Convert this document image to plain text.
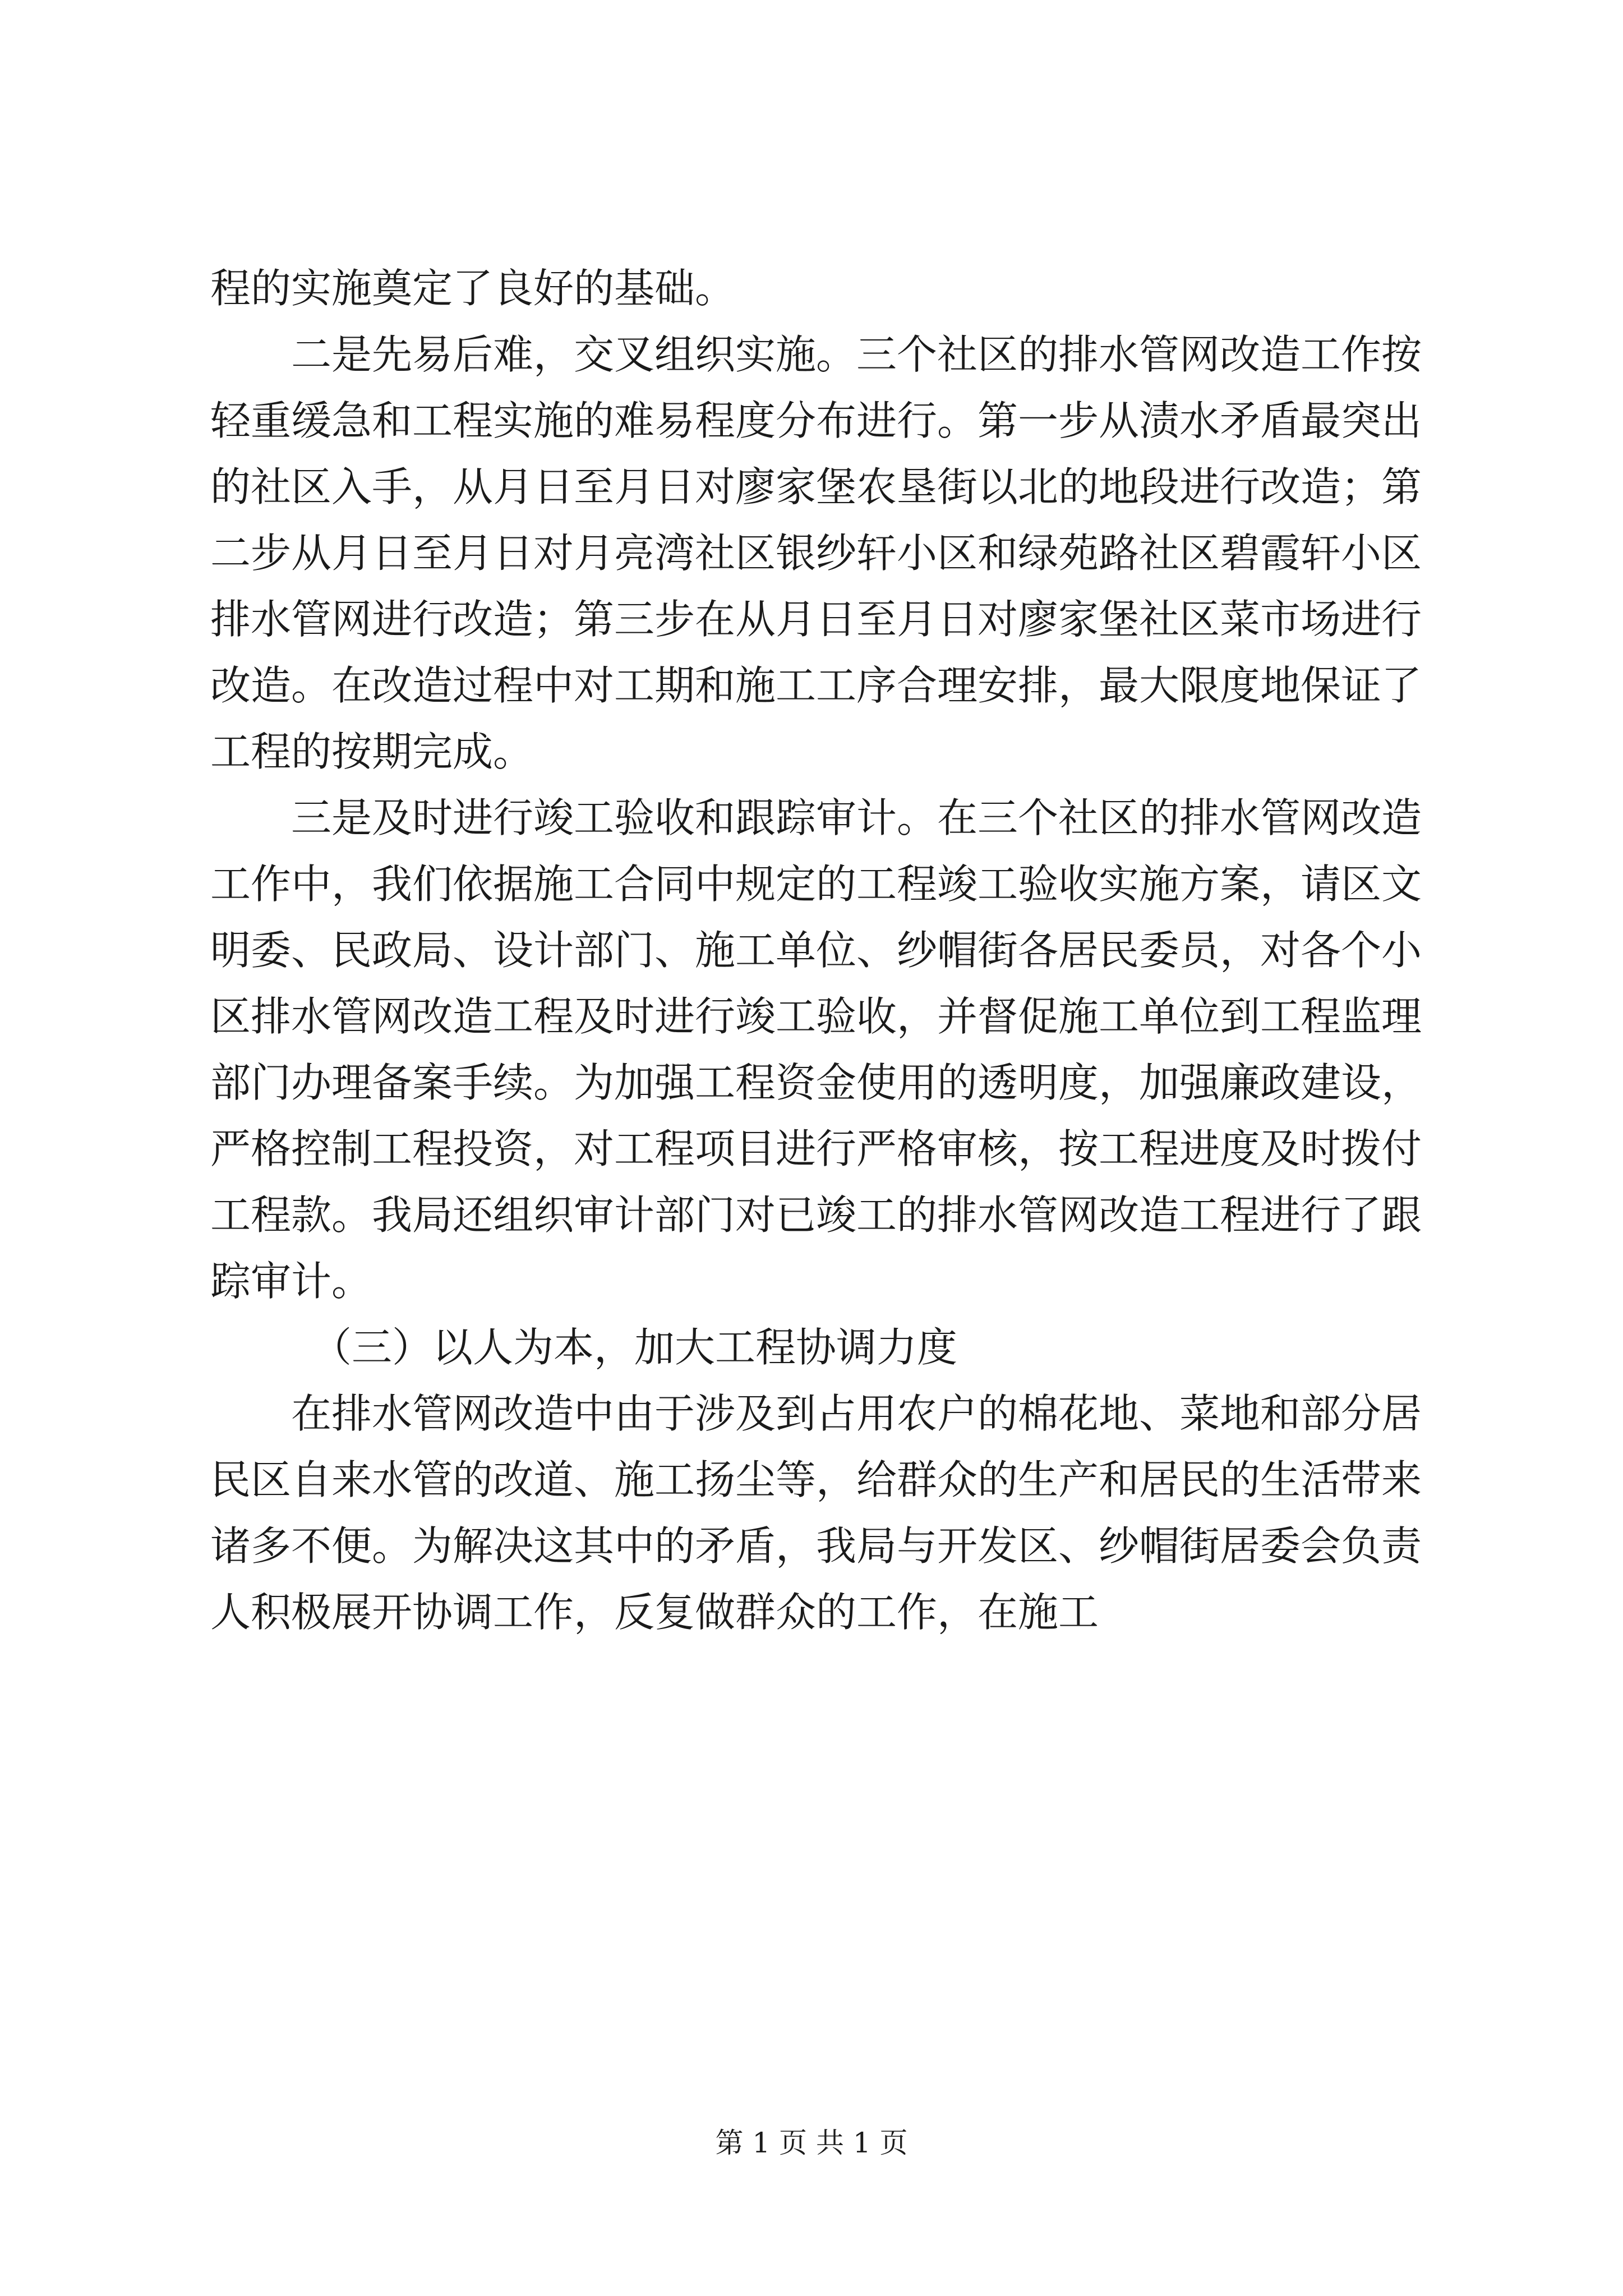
程的实施奠定了良好的基础。

二是先易后难，交叉组织实施。三个社区的排水管网改造工作按轻重缓急和工程实施的难易程度分布进行。第一步从渍水矛盾最突出的社区入手，从月日至月日对廖家堡农垦街以北的地段进行改造；第二步从月日至月日对月亮湾社区银纱轩小区和绿苑路社区碧霞轩小区排水管网进行改造；第三步在从月日至月日对廖家堡社区菜市场进行改造。在改造过程中对工期和施工工序合理安排，最大限度地保证了工程的按期完成。

三是及时进行竣工验收和跟踪审计。在三个社区的排水管网改造工作中，我们依据施工合同中规定的工程竣工验收实施方案，请区文明委、民政局、设计部门、施工单位、纱帽街各居民委员，对各个小区排水管网改造工程及时进行竣工验收，并督促施工单位到工程监理部门办理备案手续。为加强工程资金使用的透明度，加强廉政建设，严格控制工程投资，对工程项目进行严格审核，按工程进度及时拨付工程款。我局还组织审计部门对已竣工的排水管网改造工程进行了跟踪审计。

（三）以人为本，加大工程协调力度

在排水管网改造中由于涉及到占用农户的棉花地、菜地和部分居民区自来水管的改道、施工扬尘等，给群众的生产和居民的生活带来诸多不便。为解决这其中的矛盾，我局与开发区、纱帽街居委会负责人积极展开协调工作，反复做群众的工作，在施工

第 1 页 共 1 页
